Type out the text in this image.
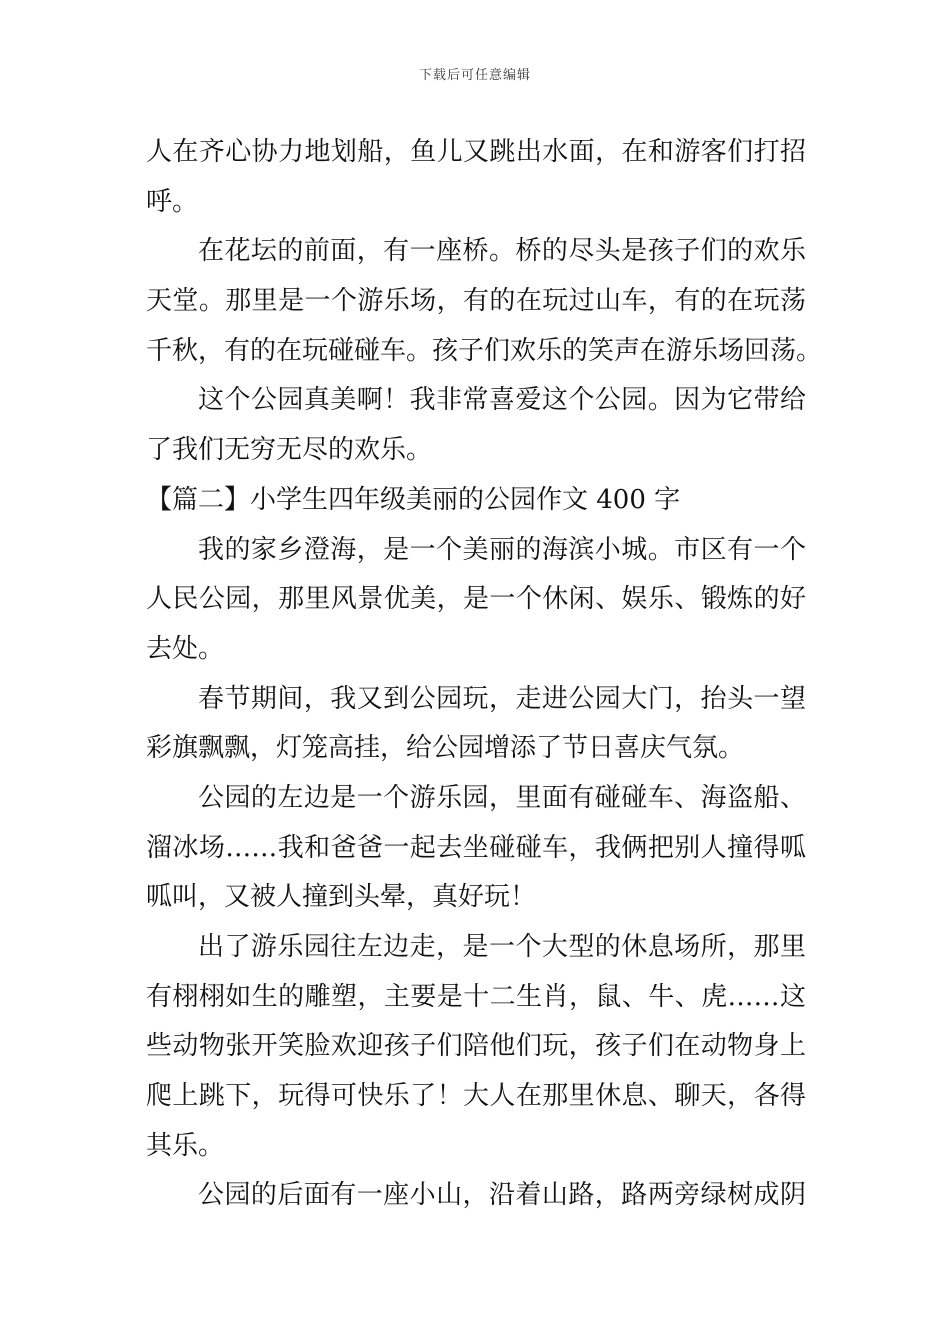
下载后可任意编辑
人在齐心协力地划船，鱼儿又跳出水面，在和游客们打招
呼。
在花坛的前面，有一座桥。桥的尽头是孩子们的欢乐
天堂。那里是一个游乐场，有的在玩过山车，有的在玩荡
千秋，有的在玩碰碰车。孩子们欢乐的笑声在游乐场回荡。
这个公园真美啊！我非常喜爱这个公园。因为它带给
了我们无穷无尽的欢乐。
【篇二】小学生四年级美丽的公园作文 400 字
我的家乡澄海，是一个美丽的海滨小城。市区有一个
人民公园，那里风景优美，是一个休闲、娱乐、锻炼的好
去处。
春节期间，我又到公园玩，走进公园大门，抬头一望
彩旗飘飘，灯笼高挂，给公园增添了节日喜庆气氛。
公园的左边是一个游乐园，里面有碰碰车、海盗船、
溜冰场……我和爸爸一起去坐碰碰车，我俩把别人撞得呱
呱叫，又被人撞到头晕，真好玩！
出了游乐园往左边走，是一个大型的休息场所，那里
有栩栩如生的雕塑，主要是十二生肖，鼠、牛、虎……这
些动物张开笑脸欢迎孩子们陪他们玩，孩子们在动物身上
爬上跳下，玩得可快乐了！大人在那里休息、聊天，各得
其乐。
公园的后面有一座小山，沿着山路，路两旁绿树成阴
